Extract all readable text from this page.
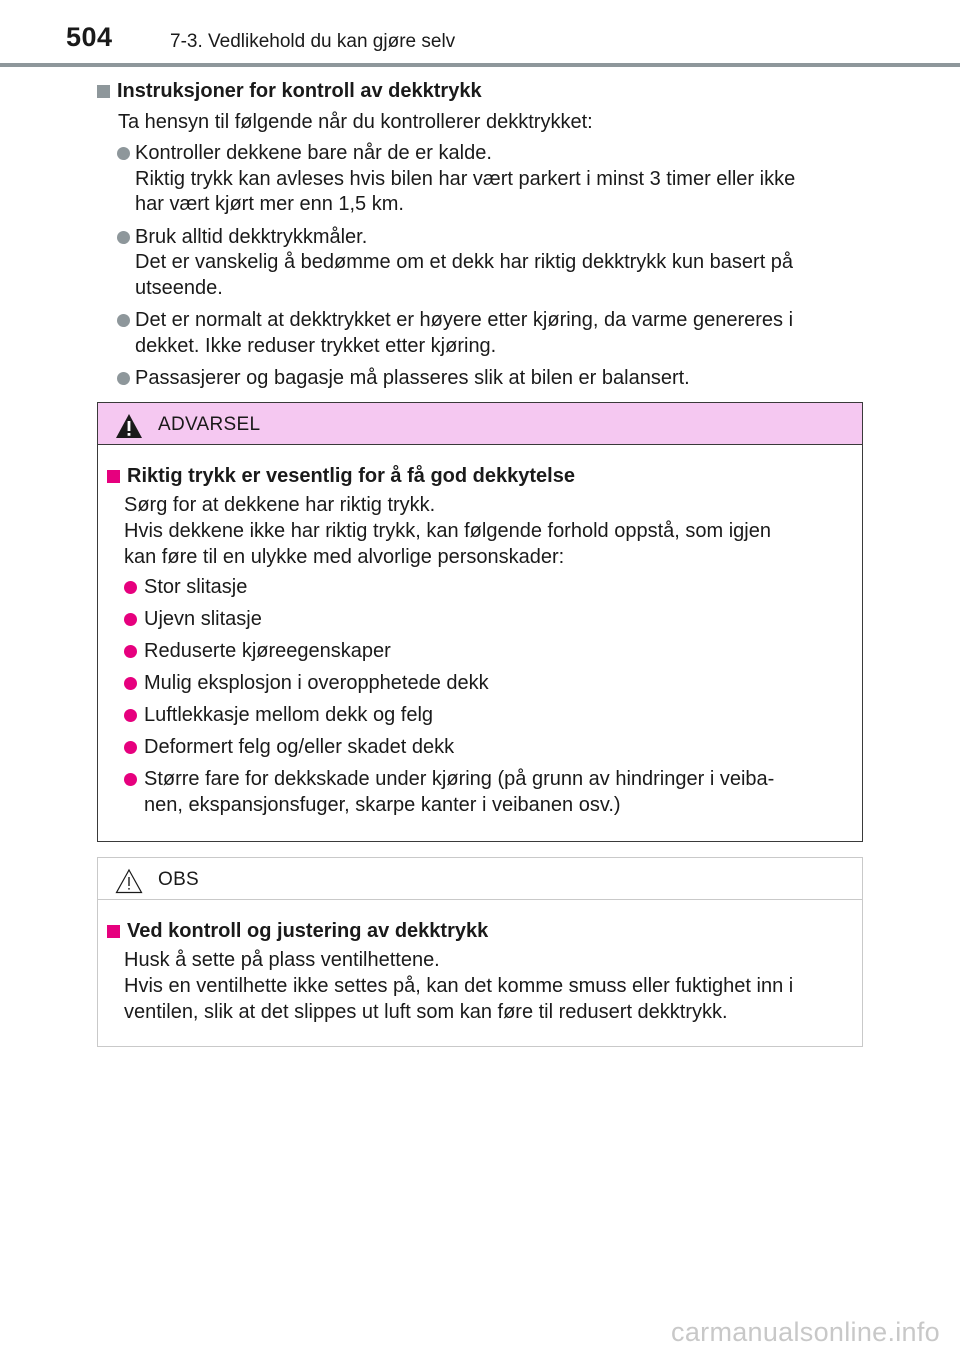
504	7-3. Vedlikehold du kan gjøre selv
Instruksjoner for kontroll av dekktrykk
Ta hensyn til følgende når du kontrollerer dekktrykket:
Kontroller dekkene bare når de er kalde.
Riktig trykk kan avleses hvis bilen har vært parkert i minst 3 timer eller ikke
har vært kjørt mer enn 1,5 km.
Bruk alltid dekktrykkmåler.
Det er vanskelig å bedømme om et dekk har riktig dekktrykk kun basert på
utseende.
Det er normalt at dekktrykket er høyere etter kjøring, da varme genereres i
dekket. Ikke reduser trykket etter kjøring.
Passasjerer og bagasje må plasseres slik at bilen er balansert.
ADVARSEL
Riktig trykk er vesentlig for å få god dekkytelse
Sørg for at dekkene har riktig trykk.
Hvis dekkene ikke har riktig trykk, kan følgende forhold oppstå, som igjen
kan føre til en ulykke med alvorlige personskader:
Stor slitasje
Ujevn slitasje
Reduserte kjøreegenskaper
Mulig eksplosjon i overopphetede dekk
Luftlekkasje mellom dekk og felg
Deformert felg og/eller skadet dekk
Større fare for dekkskade under kjøring (på grunn av hindringer i veiba-
nen, ekspansjonsfuger, skarpe kanter i veibanen osv.)
OBS
Ved kontroll og justering av dekktrykk
Husk å sette på plass ventilhettene.
Hvis en ventilhette ikke settes på, kan det komme smuss eller fuktighet inn i
ventilen, slik at det slippes ut luft som kan føre til redusert dekktrykk.
carmanualsonline.info
